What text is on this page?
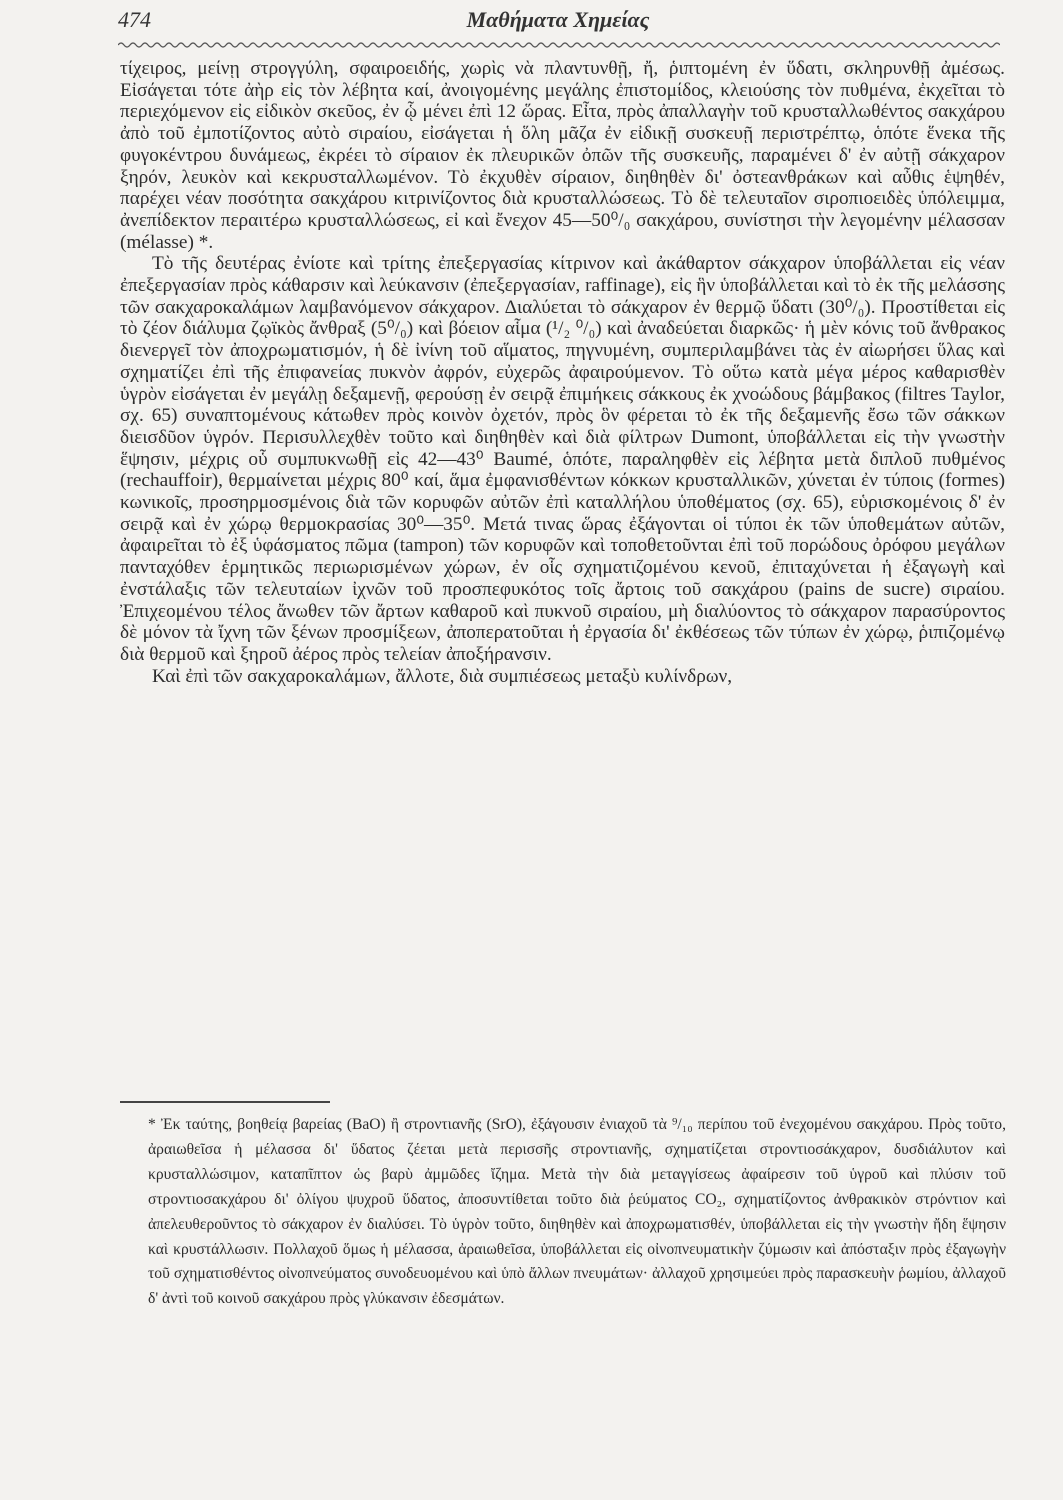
474	Μαθήματα Χημείας

τίχειρος, μείνῃ στρογγύλη, σφαιροειδής, χωρὶς νὰ πλαντυνθῇ, ἤ, ῥιπτομένη ἐν ὕδατι, σκληρυνθῇ ἀμέσως. Εἰσάγεται τότε ἀὴρ εἰς τὸν λέβητα καί, ἀνοιγομένης μεγάλης ἐπιστομίδος, κλειούσης τὸν πυθμένα, ἐκχεῖται τὸ περιεχόμενον εἰς εἰδικὸν σκεῦος, ἐν ᾧ μένει ἐπὶ 12 ὥρας. Εἶτα, πρὸς ἀπαλλαγὴν τοῦ κρυσταλλωθέντος σακχάρου ἀπὸ τοῦ ἐμποτίζοντος αὐτὸ σιραίου, εἰσάγεται ἡ ὅλη μᾶζα ἐν εἰδικῇ συσκευῇ περιστρέπτῳ, ὁπότε ἕνεκα τῆς φυγοκέντρου δυνάμεως, ἐκρέει τὸ σίραιον ἐκ πλευρικῶν ὀπῶν τῆς συσκευῆς, παραμένει δ' ἐν αὐτῇ σάκχαρον ξηρόν, λευκὸν καὶ κεκρυσταλλωμένον. Τὸ ἐκχυθὲν σίραιον, διηθηθὲν δι' ὀστεανθράκων καὶ αὖθις ἑψηθέν, παρέχει νέαν ποσότητα σακχάρου κιτρινίζοντος διὰ κρυσταλλώσεως. Τὸ δὲ τελευταῖον σιροπιοειδὲς ὑπόλειμμα, ἀνεπίδεκτον περαιτέρω κρυσταλλώσεως, εἰ καὶ ἔνεχον 45—50⁰/₀ σακχάρου, συνίστησι τὴν λεγομένην μέλασσαν (mélasse) *.

Τὸ τῆς δευτέρας ἐνίοτε καὶ τρίτης ἐπεξεργασίας κίτρινον καὶ ἀκάθαρτον σάκχαρον ὑποβάλλεται εἰς νέαν ἐπεξεργασίαν πρὸς κάθαρσιν καὶ λεύκανσιν (ἐπεξεργασίαν, raffinage), εἰς ἣν ὑποβάλλεται καὶ τὸ ἐκ τῆς μελάσσης τῶν σακχαροκαλάμων λαμβανόμενον σάκχαρον. Διαλύεται τὸ σάκχαρον ἐν θερμῷ ὕδατι (30⁰/₀). Προστίθεται εἰς τὸ ζέον διάλυμα ζῳϊκὸς ἄνθραξ (5⁰/₀) καὶ βόειον αἷμα (¹/₂ ⁰/₀) καὶ ἀναδεύεται διαρκῶς· ἡ μὲν κόνις τοῦ ἄνθρακος διενεργεῖ τὸν ἀποχρωματισμόν, ἡ δὲ ἰνίνη τοῦ αἵματος, πηγνυμένη, συμπεριλαμβάνει τὰς ἐν αἰωρήσει ὕλας καὶ σχηματίζει ἐπὶ τῆς ἐπιφανείας πυκνὸν ἀφρόν, εὐχερῶς ἀφαιρούμενον. Τὸ οὕτω κατὰ μέγα μέρος καθαρισθὲν ὑγρὸν εἰσάγεται ἐν μεγάλῃ δεξαμενῇ, φερούσῃ ἐν σειρᾷ ἐπιμήκεις σάκκους ἐκ χνοώδους βάμβακος (filtres Taylor, σχ. 65) συναπτομένους κάτωθεν πρὸς κοινὸν ὀχετόν, πρὸς ὃν φέρεται τὸ ἐκ τῆς δεξαμενῆς ἔσω τῶν σάκκων διεισδῦον ὑγρόν. Περισυλλεχθὲν τοῦτο καὶ διηθηθὲν καὶ διὰ φίλτρων Dumont, ὑποβάλλεται εἰς τὴν γνωστὴν ἕψησιν, μέχρις οὗ συμπυκνωθῇ εἰς 42—43⁰ Baumé, ὁπότε, παραληφθὲν εἰς λέβητα μετὰ διπλοῦ πυθμένος (rechauffoir), θερμαίνεται μέχρις 80⁰ καί, ἅμα ἐμφανισθέντων κόκκων κρυσταλλικῶν, χύνεται ἐν τύποις (formes) κωνικοῖς, προσηρμοσμένοις διὰ τῶν κορυφῶν αὐτῶν ἐπὶ καταλλήλου ὑποθέματος (σχ. 65), εὑρισκομένοις δ' ἐν σειρᾷ καὶ ἐν χώρῳ θερμοκρασίας 30⁰—35⁰. Μετά τινας ὥρας ἐξάγονται οἱ τύποι ἐκ τῶν ὑποθεμάτων αὐτῶν, ἀφαιρεῖται τὸ ἐξ ὑφάσματος πῶμα (tampon) τῶν κορυφῶν καὶ τοποθετοῦνται ἐπὶ τοῦ πορώδους ὀρόφου μεγάλων πανταχόθεν ἑρμητικῶς περιωρισμένων χώρων, ἐν οἷς σχηματιζομένου κενοῦ, ἐπιταχύνεται ἡ ἐξαγωγὴ καὶ ἐνστάλαξις τῶν τελευταίων ἰχνῶν τοῦ προσπεφυκότος τοῖς ἄρτοις τοῦ σακχάρου (pains de sucre) σιραίου. Ἐπιχεομένου τέλος ἄνωθεν τῶν ἄρτων καθαροῦ καὶ πυκνοῦ σιραίου, μὴ διαλύοντος τὸ σάκχαρον παρασύροντος δὲ μόνον τὰ ἴχνη τῶν ξένων προσμίξεων, ἀποπερατοῦται ἡ ἐργασία δι' ἐκθέσεως τῶν τύπων ἐν χώρῳ, ῥιπιζομένῳ διὰ θερμοῦ καὶ ξηροῦ ἀέρος πρὸς τελείαν ἀποξήρανσιν.

Καὶ ἐπὶ τῶν σακχαροκαλάμων, ἄλλοτε, διὰ συμπιέσεως μεταξὺ κυλίνδρων,

* Ἐκ ταύτης, βοηθείᾳ βαρείας (BaO) ἢ στροντιανῆς (SrO), ἐξάγουσιν ἐνιαχοῦ τὰ ⁹/₁₀ περίπου τοῦ ἐνεχομένου σακχάρου. Πρὸς τοῦτο, ἀραιωθεῖσα ἡ μέλασσα δι' ὕδατος ζέεται μετὰ περισσῆς στροντιανῆς, σχηματίζεται στροντιοσάκχαρον, δυσδιάλυτον καὶ κρυσταλλώσιμον, καταπῖπτον ὡς βαρὺ ἀμμῶδες ἴζημα. Μετὰ τὴν διὰ μεταγγίσεως ἀφαίρεσιν τοῦ ὑγροῦ καὶ πλύσιν τοῦ στροντιοσακχάρου δι' ὀλίγου ψυχροῦ ὕδατος, ἀποσυντίθεται τοῦτο διὰ ῥεύματος CO₂, σχηματίζοντος ἀνθρακικὸν στρόντιον καὶ ἀπελευθεροῦντος τὸ σάκχαρον ἐν διαλύσει. Τὸ ὑγρὸν τοῦτο, διηθηθὲν καὶ ἀποχρωματισθέν, ὑποβάλλεται εἰς τὴν γνωστὴν ἤδη ἕψησιν καὶ κρυστάλλωσιν. Πολλαχοῦ ὅμως ἡ μέλασσα, ἀραιωθεῖσα, ὑποβάλλεται εἰς οἰνοπνευματικὴν ζύμωσιν καὶ ἀπόσταξιν πρὸς ἐξαγωγὴν τοῦ σχηματισθέντος οἰνοπνεύματος συνοδευομένου καὶ ὑπὸ ἄλλων πνευμάτων· ἀλλαχοῦ χρησιμεύει πρὸς παρασκευὴν ῥωμίου, ἀλλαχοῦ δ' ἀντὶ τοῦ κοινοῦ σακχάρου πρὸς γλύκανσιν ἐδεσμάτων.
